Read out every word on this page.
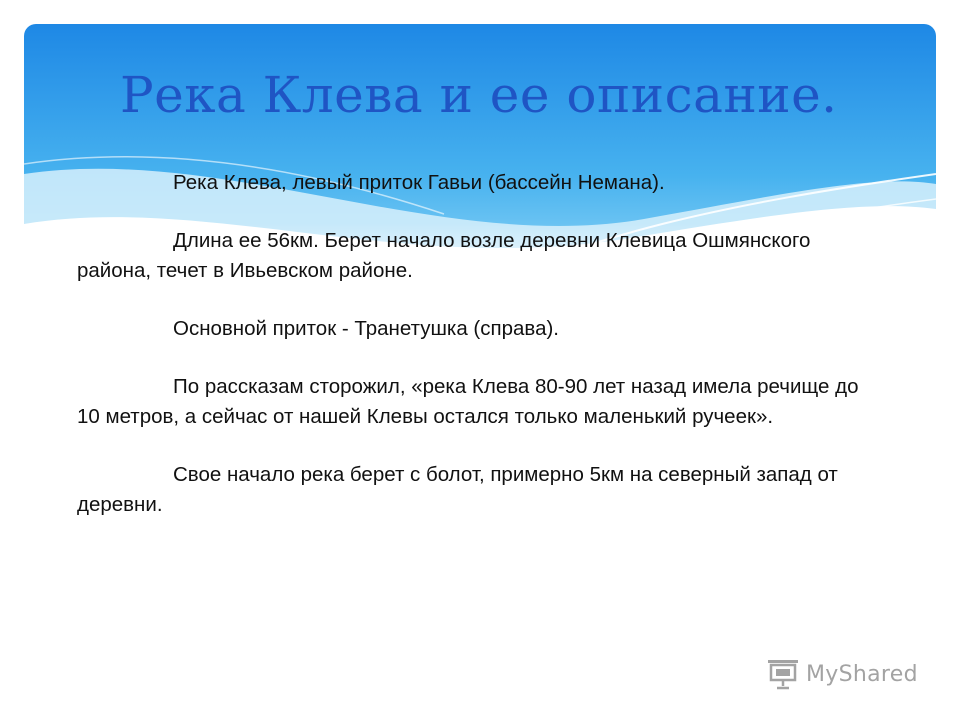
Река Клева и ее описание.

Река Клева, левый приток Гавьи (бассейн Немана).

Длина ее 56км. Берет начало возле деревни Клевица Ошмянского района, течет в Ивьевском районе.

Основной приток - Транетушка (справа).

По рассказам сторожил, «река Клева 80-90 лет назад имела речище до 10 метров, а сейчас от нашей Клевы остался только маленький ручеек».

Свое начало река берет с болот, примерно 5км на северный запад от деревни.

MyShared
